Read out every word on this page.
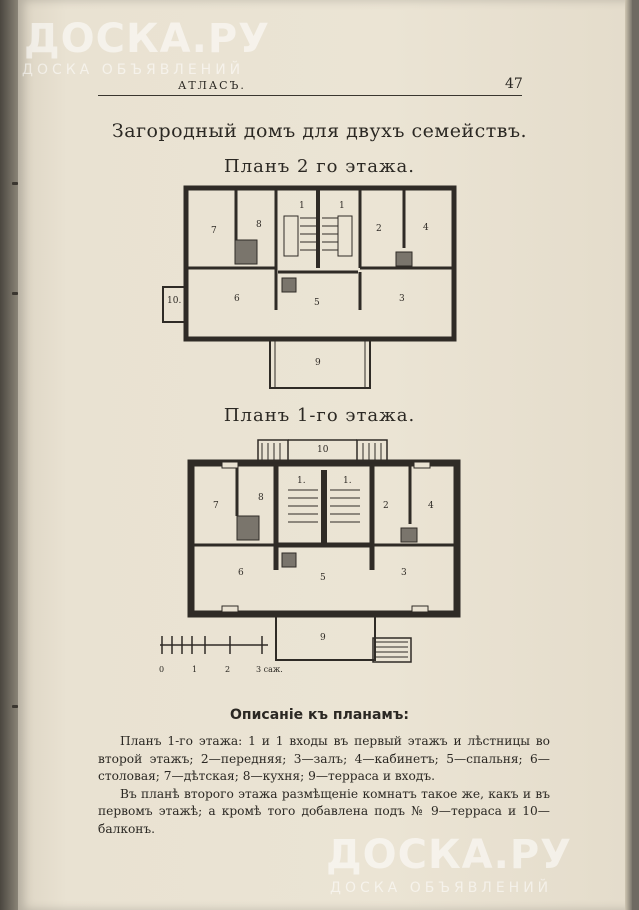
ДОСКА.РУ
ДОСКА ОБЪЯВЛЕНИЙ
АТЛАСЪ.	47
Загородный домъ для двухъ семействъ.
Планъ 2 го этажа.
Планъ 1-го этажа.
1	1
2
3
4
5
6
7
8
9
10.
1.	1.
2
3
4
5
6
7
8
9
10
0	1	2	3 саж.
Описанiе къ планамъ:

Планъ 1-го этажа: 1 и 1 входы въ первый этажъ и лѣстницы во второй этажъ; 2—передняя; 3—залъ; 4—кабинетъ; 5—спальня; 6—столовая; 7—дѣтская; 8—кухня; 9—терраса и входъ.

Въ планѣ второго этажа размѣщенiе комнатъ такое же, какъ и въ первомъ этажѣ; а кромѣ того добавлена подъ № 9—терраса и 10—балконъ.

ДОСКА.РУ
ДОСКА ОБЪЯВЛЕНИЙ
